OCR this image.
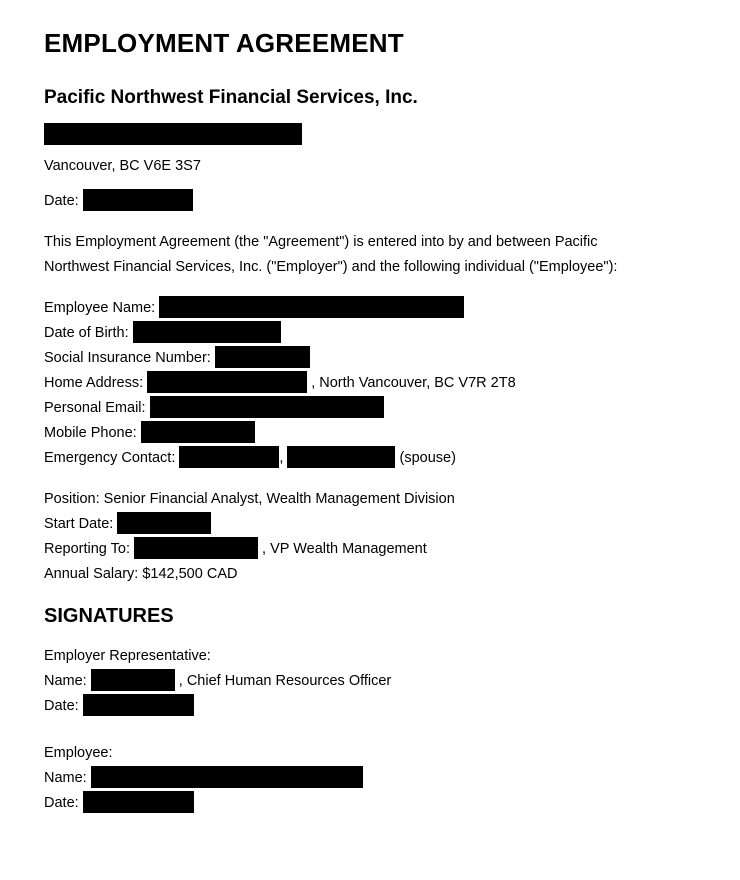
EMPLOYMENT AGREEMENT
Pacific Northwest Financial Services, Inc.
Vancouver, BC V6E 3S7
Date:

This Employment Agreement (the "Agreement") is entered into by and between Pacific Northwest Financial Services, Inc. ("Employer") and the following individual ("Employee"):

Employee Name:
Date of Birth:
Social Insurance Number:
Home Address:	, North Vancouver, BC V7R 2T8
Personal Email:
Mobile Phone:
Emergency Contact:	,	(spouse)
Position: Senior Financial Analyst, Wealth Management Division
Start Date:
Reporting To:	, VP Wealth Management
Annual Salary: $142,500 CAD
SIGNATURES
Employer Representative:
Name:	, Chief Human Resources Officer
Date:
Employee:
Name:
Date:
